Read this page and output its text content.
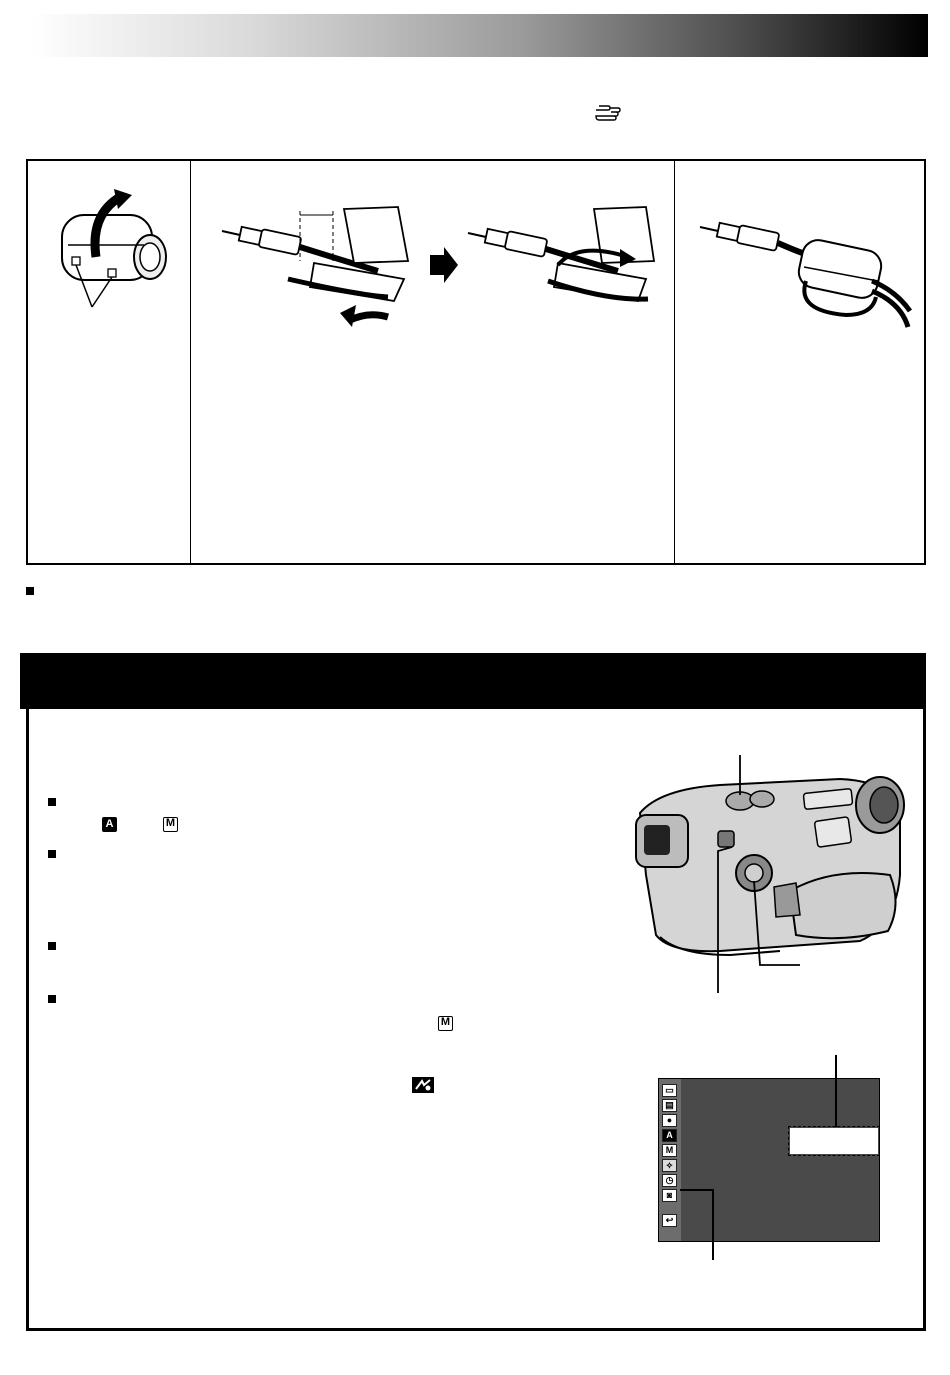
A	M
M
▭
▤
●
A
M
⟡
◷
◙
↩
